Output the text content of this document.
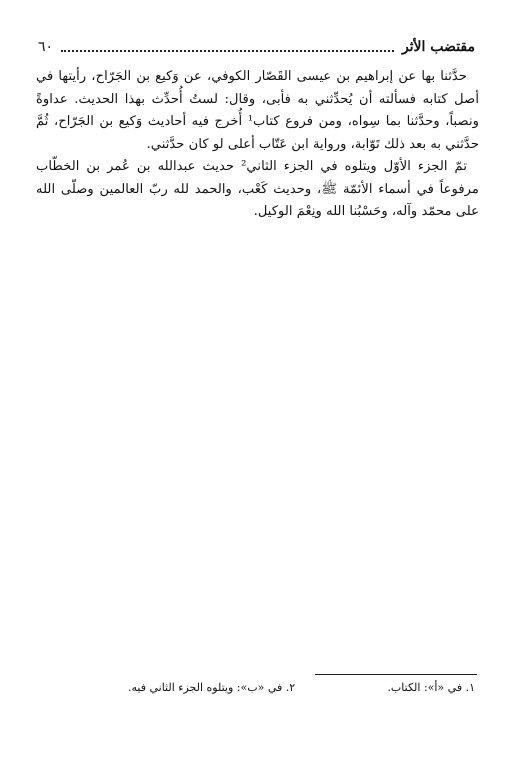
مقتضب الأثر
٦٠

حدَّثنا بها عن إبراهيم بن عيسى القَصّار الكوفي، عن وَكيع بن الجَرّاح، رأيتها في أصل كتابه فسألته أن يُحدِّثني به فأبى، وقال: لستُ أُحدِّث بهذا الحديث. عداوةً ونصباً، وحدَّثنا بما سِواه، ومن فروع كتاب¹ أُخرج فيه أحاديث وَكيع بن الجَرّاح، ثُمَّ حدَّثني به بعد ذلك تَوّابة، ورواية ابن عَتّاب أعلى لو كان حدَّثني.

تمّ الجزء الأوّل ويتلوه في الجزء الثاني² حديث عبدالله بن عُمر بن الخطّاب مرفوعاً في أسماء الأئمّة ﷺ، وحديث كَعْب، والحمد لله ربّ العالمين وصلّى الله على محمّد وآله، وحَسْبُنا الله ونِعْمَ الوكيل.

١. في «أ»: الكتاب.
٢. في «ب»: ويتلوه الجزء الثاني فيه.
